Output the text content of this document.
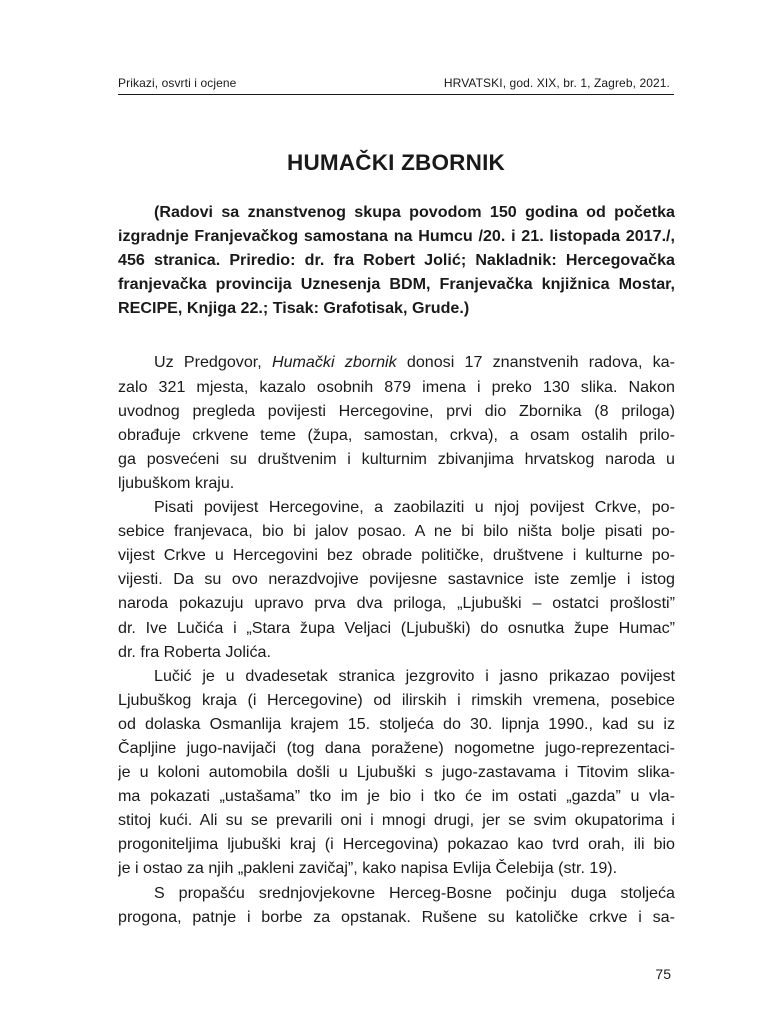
Prikazi, osvrti i ocjene	HRVATSKI, god. XIX, br. 1, Zagreb, 2021.
HUMAČKI ZBORNIK
(Radovi sa znanstvenog skupa povodom 150 godina od početka
izgradnje Franjevačkog samostana na Humcu /20. i 21. listopada 2017./,
456 stranica. Priredio: dr. fra Robert Jolić; Nakladnik: Hercegovačka
franjevačka provincija Uznesenja BDM, Franjevačka knjižnica Mostar,
RECIPE, Knjiga 22.; Tisak: Grafotisak, Grude.)
Uz Predgovor, Humački zbornik donosi 17 znanstvenih radova, ka-
zalo 321 mjesta, kazalo osobnih 879 imena i preko 130 slika. Nakon
uvodnog pregleda povijesti Hercegovine, prvi dio Zbornika (8 priloga)
obrađuje crkvene teme (župa, samostan, crkva), a osam ostalih prilo-
ga posvećeni su društvenim i kulturnim zbivanjima hrvatskog naroda u
ljubuškom kraju.
Pisati povijest Hercegovine, a zaobilaziti u njoj povijest Crkve, po-
sebice franjevaca, bio bi jalov posao. A ne bi bilo ništa bolje pisati po-
vijest Crkve u Hercegovini bez obrade političke, društvene i kulturne po-
vijesti. Da su ovo nerazdvojive povijesne sastavnice iste zemlje i istog
naroda pokazuju upravo prva dva priloga, „Ljubuški – ostatci prošlosti”
dr. Ive Lučića i „Stara župa Veljaci (Ljubuški) do osnutka župe Humac”
dr. fra Roberta Jolića.
Lučić je u dvadesetak stranica jezgrovito i jasno prikazao povijest
Ljubuškog kraja (i Hercegovine) od ilirskih i rimskih vremena, posebice
od dolaska Osmanlija krajem 15. stoljeća do 30. lipnja 1990., kad su iz
Čapljine jugo-navijači (tog dana poražene) nogometne jugo-reprezentaci-
je u koloni automobila došli u Ljubuški s jugo-zastavama i Titovim slika-
ma pokazati „ustašama” tko im je bio i tko će im ostati „gazda” u vla-
stitoj kući. Ali su se prevarili oni i mnogi drugi, jer se svim okupatorima i
progoniteljima ljubuški kraj (i Hercegovina) pokazao kao tvrd orah, ili bio
je i ostao za njih „pakleni zavičaj”, kako napisa Evlija Čelebija (str. 19).
S propašću srednjovjekovne Herceg-Bosne počinju duga stoljeća
progona, patnje i borbe za opstanak. Rušene su katoličke crkve i sa-
75
